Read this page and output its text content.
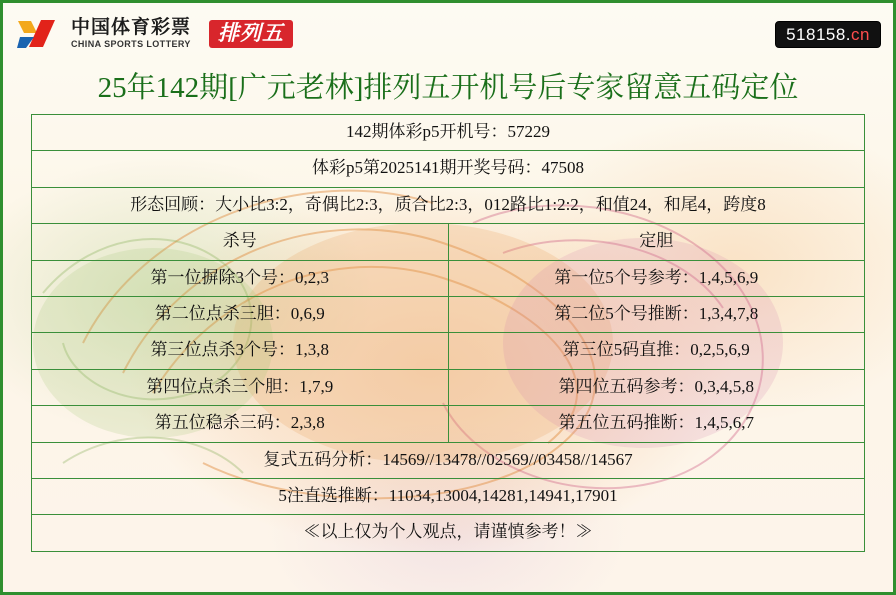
中国体育彩票
CHINA SPORTS LOTTERY	排列五	518158.cn
25年142期[广元老林]排列五开机号后专家留意五码定位
142期体彩p5开机号：57229	
体彩p5第2025141期开奖号码：47508	
形态回顾：大小比3:2，奇偶比2:3，质合比2:3，012路比1:2:2，和值24，和尾4，跨度8	
杀号	定胆
第一位摒除3个号：0,2,3	第一位5个号参考：1,4,5,6,9
第二位点杀三胆：0,6,9	第二位5个号推断：1,3,4,7,8
第三位点杀3个号：1,3,8	第三位5码直推：0,2,5,6,9
第四位点杀三个胆：1,7,9	第四位五码参考：0,3,4,5,8
第五位稳杀三码：2,3,8	第五位五码推断：1,4,5,6,7
复式五码分析：14569//13478//02569//03458//14567	
5注直选推断：11034,13004,14281,14941,17901	
≪以上仅为个人观点，请谨慎参考！≫	
